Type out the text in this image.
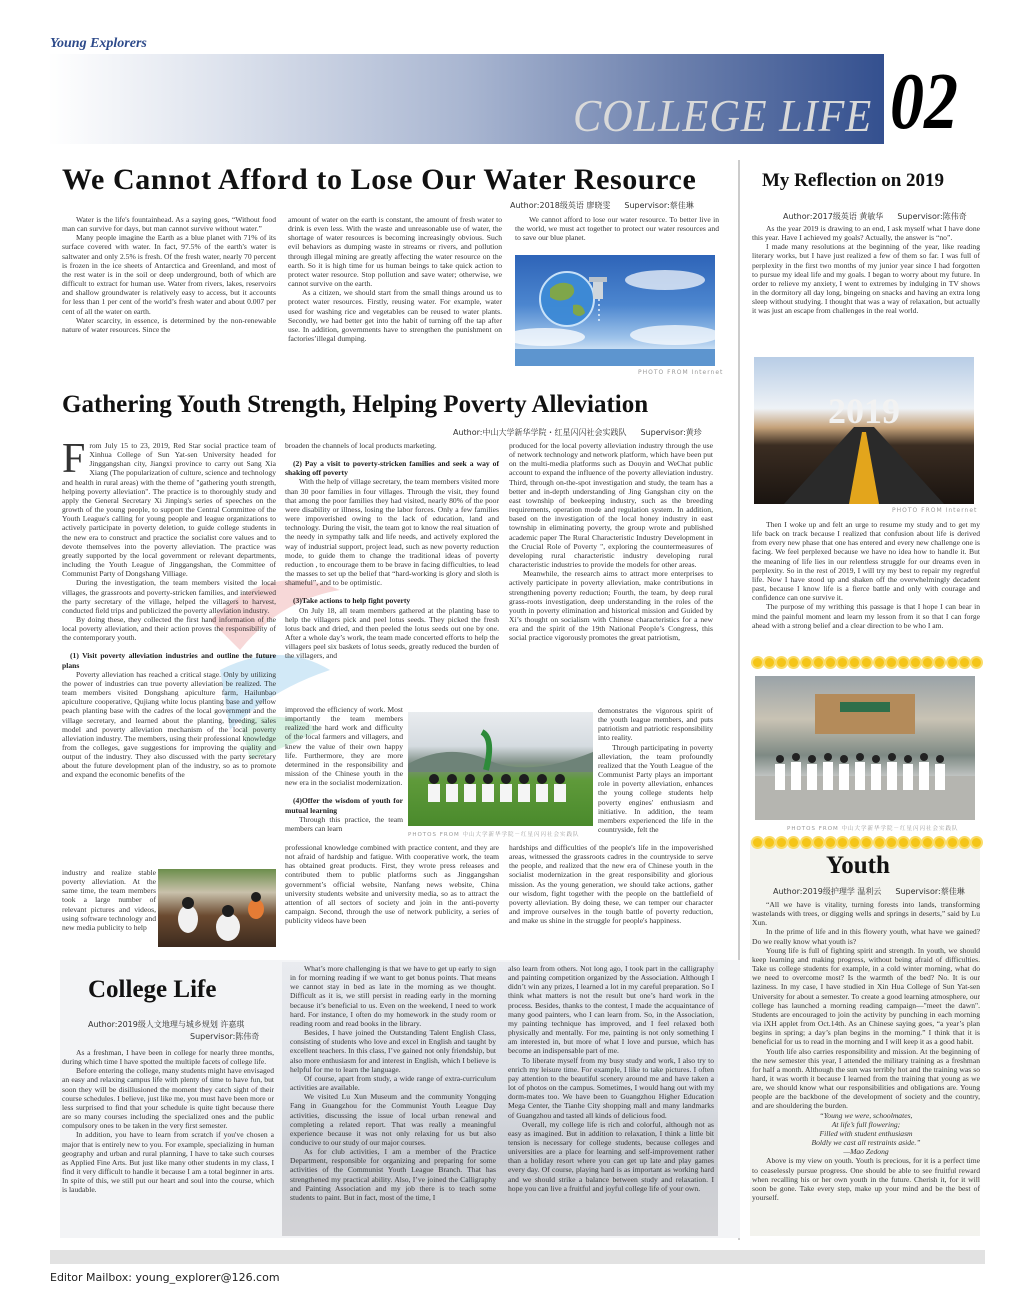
Young Explorers
COLLEGE LIFE 02
We Cannot Afford to Lose Our Water Resource
Author:2018级英语 廖晓雯 Supervisor:蔡佳琳

Water is the life's fountainhead. As a saying goes, “Without food man can survive for days, but man cannot survive without water.”

Many people imagine the Earth as a blue planet with 71% of its surface covered with water. In fact, 97.5% of the earth's water is saltwater and only 2.5% is fresh. Of the fresh water, nearly 70 percent is frozen in the ice sheets of Antarctica and Greenland, and most of the rest water is in the soil or deep underground, both of which are difficult to extract for human use. Water from rivers, lakes, reservoirs and shallow groundwater is relatively easy to access, but it accounts for less than 1 per cent of the world’s fresh water and about 0.007 per cent of all the water on earth.

Water scarcity, in essence, is determined by the non-renewable nature of water resources. Since the

amount of water on the earth is constant, the amount of fresh water to drink is even less. With the waste and unreasonable use of water, the shortage of water resources is becoming increasingly obvious. Such evil behaviors as dumping waste in streams or rivers, and pollution through illegal mining are greatly affecting the water resource on the earth. So it is high time for us human beings to take quick action to protect water resource. Stop pollution and save water; otherwise, we cannot survive on the earth.

As a citizen, we should start from the small things around us to protect water resources. Firstly, reusing water. For example, water used for washing rice and vegetables can be reused to water plants. Secondly, we had better get into the habit of turning off the tap after use. In addition, governments have to strengthen the punishment on factories’illegal dumping.

We cannot afford to lose our water resource. To better live in the world, we must act together to protect our water resources and to save our blue planet.

PHOTO FROM Internet
My Reflection on 2019
Author:2017级英语 黄敏华 Supervisor:陈伟奇

As the year 2019 is drawing to an end, I ask myself what I have done this year. Have I achieved my goals? Actually, the answer is “no”.

I made many resolutions at the beginning of the year, like reading literary works, but I have just realized a few of them so far. I was full of perplexity in the first two months of my junior year since I had forgotten to pursue my ideal life and my goals. I began to worry about my future. In order to relieve my anxiety, I went to extremes by indulging in TV shows in the dormitory all day long, bingeing on snacks and having an extra long sleep without studying. I thought that was a way of relaxation, but actually it was just an escape from challenges in the real world.

2019
PHOTO FROM Internet

Then I woke up and felt an urge to resume my study and to get my life back on track because I realized that confusion about life is derived from every new phase that one has entered and every new challenge one is facing. We feel perplexed because we have no idea how to handle it. But the meaning of life lies in our relentless struggle for our dreams even in perplexity. So in the rest of 2019, I will try my best to repair my regretful life. Now I have stood up and shaken off the overwhelmingly decadent past, because I know life is a fierce battle and only with courage and confidence can one survive it.

The purpose of my writhing this passage is that I hope I can bear in mind the painful moment and learn my lesson from it so that I can forge ahead with a strong belief and a clear direction to be who I am.

PHOTOS FROM 中山大学新华学院－红星闪闪社会实践队
Gathering Youth Strength, Helping Poverty Alleviation
Author:中山大学新华学院・红星闪闪社会实践队 Supervisor:黄珍
F rom July 15 to 23, 2019, Red Star social practice team of Xinhua College of Sun Yat-sen University headed for Jinggangshan city, Jiangxi province to carry out Sang Xia Xiang (The popularization of culture, science and technology and health in rural areas) with the theme of "gathering youth strength, helping poverty alleviation". The practice is to thoroughly study and apply the General Secretary Xi Jinping's series of speeches on the growth of the young people, to support the Central Committee of the Youth League's calling for young people and league organizations to actively participate in poverty deletion, to guide college students in the new era to construct and practice the socialist core values and to devote themselves into the poverty alleviation. The practice was greatly supported by the local government or relevant departments, including the Youth League of Jinggangshan, the Committee of Communist Party of Dongshang Villiage.

During the investigation, the team members visited the local villages, the grassroots and poverty-stricken families, and interviewed the party secretary of the village, helped the villagers to harvest, conducted field trips and publicized the poverty alleviation industry.

By doing these, they collected the first hand information of the local poverty alleviation, and their action proves the responsibility of the contemporary youth.

(1) Visit poverty alleviation industries and outline the future plans

Poverty alleviation has reached a critical stage. Only by utilizing the power of industries can true poverty alleviation be realized. The team members visited Dongshang apiculture farm, Hailunbao apiculture cooperative, Qujiang white locus planting base and yellow peach planting base with the cadres of the local government and the village secretary, and learned about the planting, breeding, sales model and poverty alleviation mechanism of the local poverty alleviation industry. The members, using their professional knowledge from the colleges, gave suggestions for improving the quality and output of the industry. They also discussed with the party secretary about the future development plan of the industry, so as to promote and expand the economic benefits of the

industry and realize stable poverty alleviation. At the same time, the team members took a large number of relevant pictures and videos, using software technology and new media publicity to help

broaden the channels of local products marketing.

(2) Pay a visit to poverty-stricken families and seek a way of shaking off poverty

With the help of village secretary, the team members visited more than 30 poor families in four villages. Through the visit, they found that among the poor families they had visited, nearly 80% of the poor were disability or illness, losing the labor forces. Only a few families were impoverished owing to the lack of education, land and technology. During the visit, the team got to know the real situation of the needy in sympathy talk and life needs, and actively explored the way of industrial support, project lead, such as new poverty reduction mode, to guide them to change the traditional ideas of poverty reduction , to encourage them to be brave in facing difficulties, to lead the masses to set up the belief that “hard-working is glory and sloth is shameful”, and to be optimistic.

(3)Take actions to help fight poverty

On July 18, all team members gathered at the planting base to help the villagers pick and peel lotus seeds. They picked the fresh lotus back and dried, and then peeled the lotus seeds out one by one. After a whole day’s work, the team made concerted efforts to help the villagers peel six baskets of lotus seeds, greatly reduced the burden of the villagers, and

improved the efficiency of work. Most importantly the team members realized the hard work and difficulty of the local farmers and villagers, and knew the value of their own happy life. Furthermore, they are more determined in the responsibility and mission of the Chinese youth in the new era in the socialist modernization.

(4)Offer the wisdom of youth for mutual learning

Through this practice, the team members can learn

professional knowledge combined with practice content, and they are not afraid of hardship and fatigue. With cooperative work, the team has obtained great products. First, they wrote press releases and contributed them to public platforms such as Jinggangshan government’s official website, Nanfang news website, China university students website and university media, so as to attract the attention of all sectors of society and join in the anti-poverty campaign. Second, through the use of network publicity, a series of publicity videos have been

PHOTOS FROM 中山大学新华学院－红星闪闪社会实践队

produced for the local poverty alleviation industry through the use of network technology and network platform, which have been put on the multi-media platforms such as Douyin and WeChat public account to expand the influence of the poverty alleviation industry. Third, through on-the-spot investigation and study, the team has a better and in-depth understanding of Jing Gangshan city on the east township of beekeeping industry, such as the breeding requirements, operation mode and regulation system. In addition, based on the investigation of the local honey industry in east township in eliminating poverty, the group wrote and published academic paper The Rural Characteristic Industry Development in the Crucial Role of Poverty ", exploring the countermeasures of developing rural characteristic industry developing rural characteristic industries to provide the models for other areas.

Meanwhile, the research aims to attract more enterprises to actively participate in poverty alleviation, make contributions in strengthening poverty reduction; Fourth, the team, by deep rural grass-roots investigation, deep understanding in the roles of the youth in poverty elimination and historical mission and Guided by Xi’s thought on socialism with Chinese characteristics for a new era and the spirit of the 19th National People’s Congress, this social practice vigorously promotes the great patriotism,

demonstrates the vigorous spirit of the youth league members, and puts patriotism and patriotic responsibility into reality.

Through participating in poverty alleviation, the team profoundly realized that the Youth League of the Communist Party plays an important role in poverty alleviation, enhances the young college students help poverty engines' enthusiasm and initiative. In addition, the team members experienced the life in the countryside, felt the

hardships and difficulties of the people's life in the impoverished areas, witnessed the grassroots cadres in the countryside to serve the people, and realized that the new era of Chinese youth in the socialist modernization in the great responsibility and glorious mission. As the young generation, we should take actions, gather our wisdom, fight together with the people on the battlefield of poverty alleviation. By doing these, we can temper our character and improve ourselves in the tough battle of poverty reduction, and make us shine in the struggle for people's happiness.

Youth
Author:2019级护理学 温利云 Supervisor:蔡佳琳

“All we have is vitality, turning forests into lands, transforming wastelands with trees, or digging wells and springs in deserts,” said by Lu Xun.

In the prime of life and in this flowery youth, what have we gained? Do we really know what youth is?

Young life is full of fighting spirit and strength. In youth, we should keep learning and making progress, without being afraid of difficulties. Take us college students for example, in a cold winter morning, what do we need to overcome most? Is the warmth of the bed? No. It is our laziness. In my case, I have studied in Xin Hua College of Sun Yat-sen University for about a semester. To create a good learning atmosphere, our college has launched a morning reading campaign—"meet the dawn". Students are encouraged to join the activity by punching in each morning via iXH applet from Oct.14th. As an Chinese saying goes, “a year’s plan begins in spring; a day’s plan begins in the morning.” I think that it is beneficial for us to read in the morning and I will keep it as a good habit.

Youth life also carries responsibility and mission. At the beginning of the new semester this year, I attended the military training as a freshman for half a month. Although the sun was terribly hot and the training was so hard, it was worth it because I learned from the training that young as we are, we should know what our responsibilities and obligations are. Young people are the backbone of the development of society and the country, and are shouldering the burden.

“Young we were, schoolmates,

At life’s full flowering;

Filled with student enthusiasm

Boldly we cast all restraints aside.”

—Mao Zedong

Above is my view on youth. Youth is precious, for it is a perfect time to ceaselessly pursue progress. One should be able to see fruitful reward when recalling his or her own youth in the future. Cherish it, for it will soon be gone. Take every step, make up your mind and be the best of yourself.

College Life
Author:2019级人文地理与城乡规划 许嘉琪
Supervisor:陈伟奇

As a freshman, I have been in college for nearly three months, during which time I have spotted the multiple facets of college life.

Before entering the college, many students might have envisaged an easy and relaxing campus life with plenty of time to have fun, but soon they will be disillusioned the moment they catch sight of their course schedules. I believe, just like me, you must have been more or less surprised to find that your schedule is quite tight because there are so many courses including the specialized ones and the public compulsory ones to be taken in the very first semester.

In addition, you have to learn from scratch if you've chosen a major that is entirely new to you. For example, specializing in human geography and urban and rural planning, I have to take such courses as Applied Fine Arts. But just like many other students in my class, I find it very difficult to handle it because I am a total beginner in arts. In spite of this, we still put our heart and soul into the course, which is laudable.

What’s more challenging is that we have to get up early to sign in for morning reading if we want to get bonus points. That means we cannot stay in bed as late in the morning as we thought. Difficult as it is, we still persist in reading early in the morning because it’s beneficial to us. Even on the weekend, I need to work hard. For instance, I often do my homework in the study room or reading room and read books in the library.

Besides, I have joined the Outstanding Talent English Class, consisting of students who love and excel in English and taught by excellent teachers. In this class, I’ve gained not only friendship, but also more enthusiasm for and interest in English, which I believe is helpful for me to learn the language.

Of course, apart from study, a wide range of extra-curriculum activities are available.

We visited Lu Xun Museum and the community Yongqing Fang in Guangzhou for the Communist Youth League Day activities, discussing the issue of local urban renewal and completing a related report. That was really a meaningful experience because it was not only relaxing for us but also conducive to our study of our major courses.

As for club activities, I am a member of the Practice Department, responsible for organizing and preparing for some activities of the Communist Youth League Branch. That has strengthened my practical ability. Also, I’ve joined the Calligraphy and Painting Association and my job there is to teach some students to paint. But in fact, most of the time, I

also learn from others. Not long ago, I took part in the calligraphy and painting competition organized by the Association. Although I didn’t win any prizes, I learned a lot in my careful preparation. So I think what matters is not the result but one’s hard work in the process. Besides, thanks to the contest, I made the acquaintance of many good painters, who I can learn from. So, in the Association, my painting technique has improved, and I feel relaxed both physically and mentally. For me, painting is not only something I am interested in, but more of what I love and pursue, which has become an indispensable part of me.

To liberate myself from my busy study and work, I also try to enrich my leisure time. For example, I like to take pictures. I often pay attention to the beautiful scenery around me and have taken a lot of photos on the campus. Sometimes, I would hang out with my dorm-mates too. We have been to Guangzhou Higher Education Mega Center, the Tianhe City shopping mall and many landmarks of Guangzhou and tasted all kinds of delicious food.

Overall, my college life is rich and colorful, although not as easy as imagined. But in addition to relaxation, I think a little bit tension is necessary for college students, because colleges and universities are a place for learning and self-improvement rather than a holiday resort where you can get up late and play games every day. Of course, playing hard is as important as working hard and we should strike a balance between study and relaxation. I hope you can live a fruitful and joyful college life of your own.

Editor Mailbox: young_explorer@126.com
